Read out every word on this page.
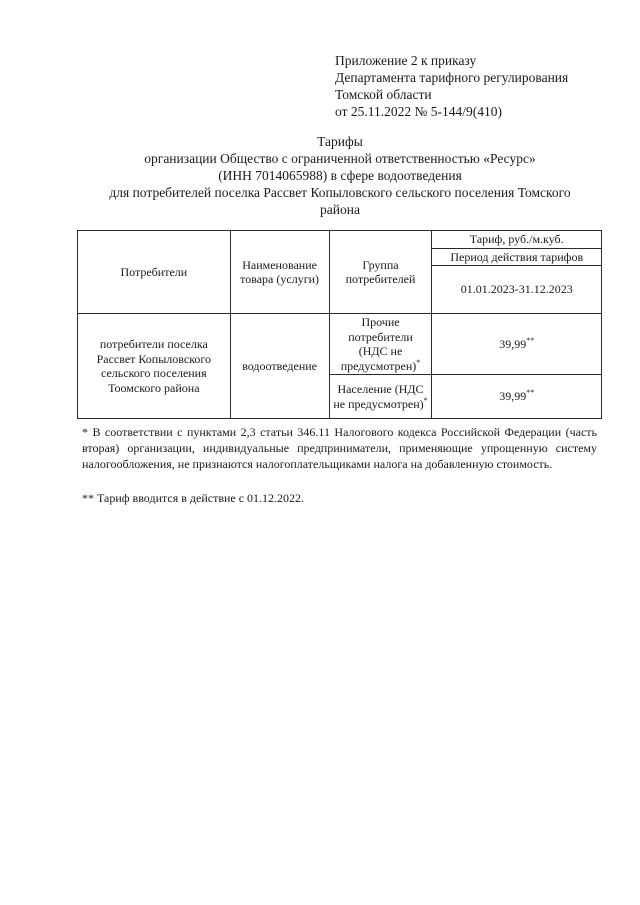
Приложение 2 к приказу
Департамента тарифного регулирования
Томской области
от 25.11.2022 № 5-144/9(410)
Тарифы
организации Общество с ограниченной ответственностью «Ресурс»
(ИНН 7014065988) в сфере водоотведения
для потребителей поселка Рассвет Копыловского сельского поселения Томского
района
Потребители	Наименование товара (услуги)	Группа потребителей	Тариф, руб./м.куб.
			Период действия тарифов
			01.01.2023-31.12.2023
потребители поселка Рассвет Копыловского сельского поселения Тоомского района	водоотведение	Прочие потребители (НДС не предусмотрен)*	39,99**
		Население (НДС не предусмотрен)*	39,99**
* В соответствии с пунктами 2,3 статьи 346.11 Налогового кодекса Российской Федерации (часть вторая) организации, индивидуальные предприниматели, применяющие упрощенную систему налогообложения, не признаются налогоплательщиками налога на добавленную стоимость.
** Тариф вводится в действие с 01.12.2022.
